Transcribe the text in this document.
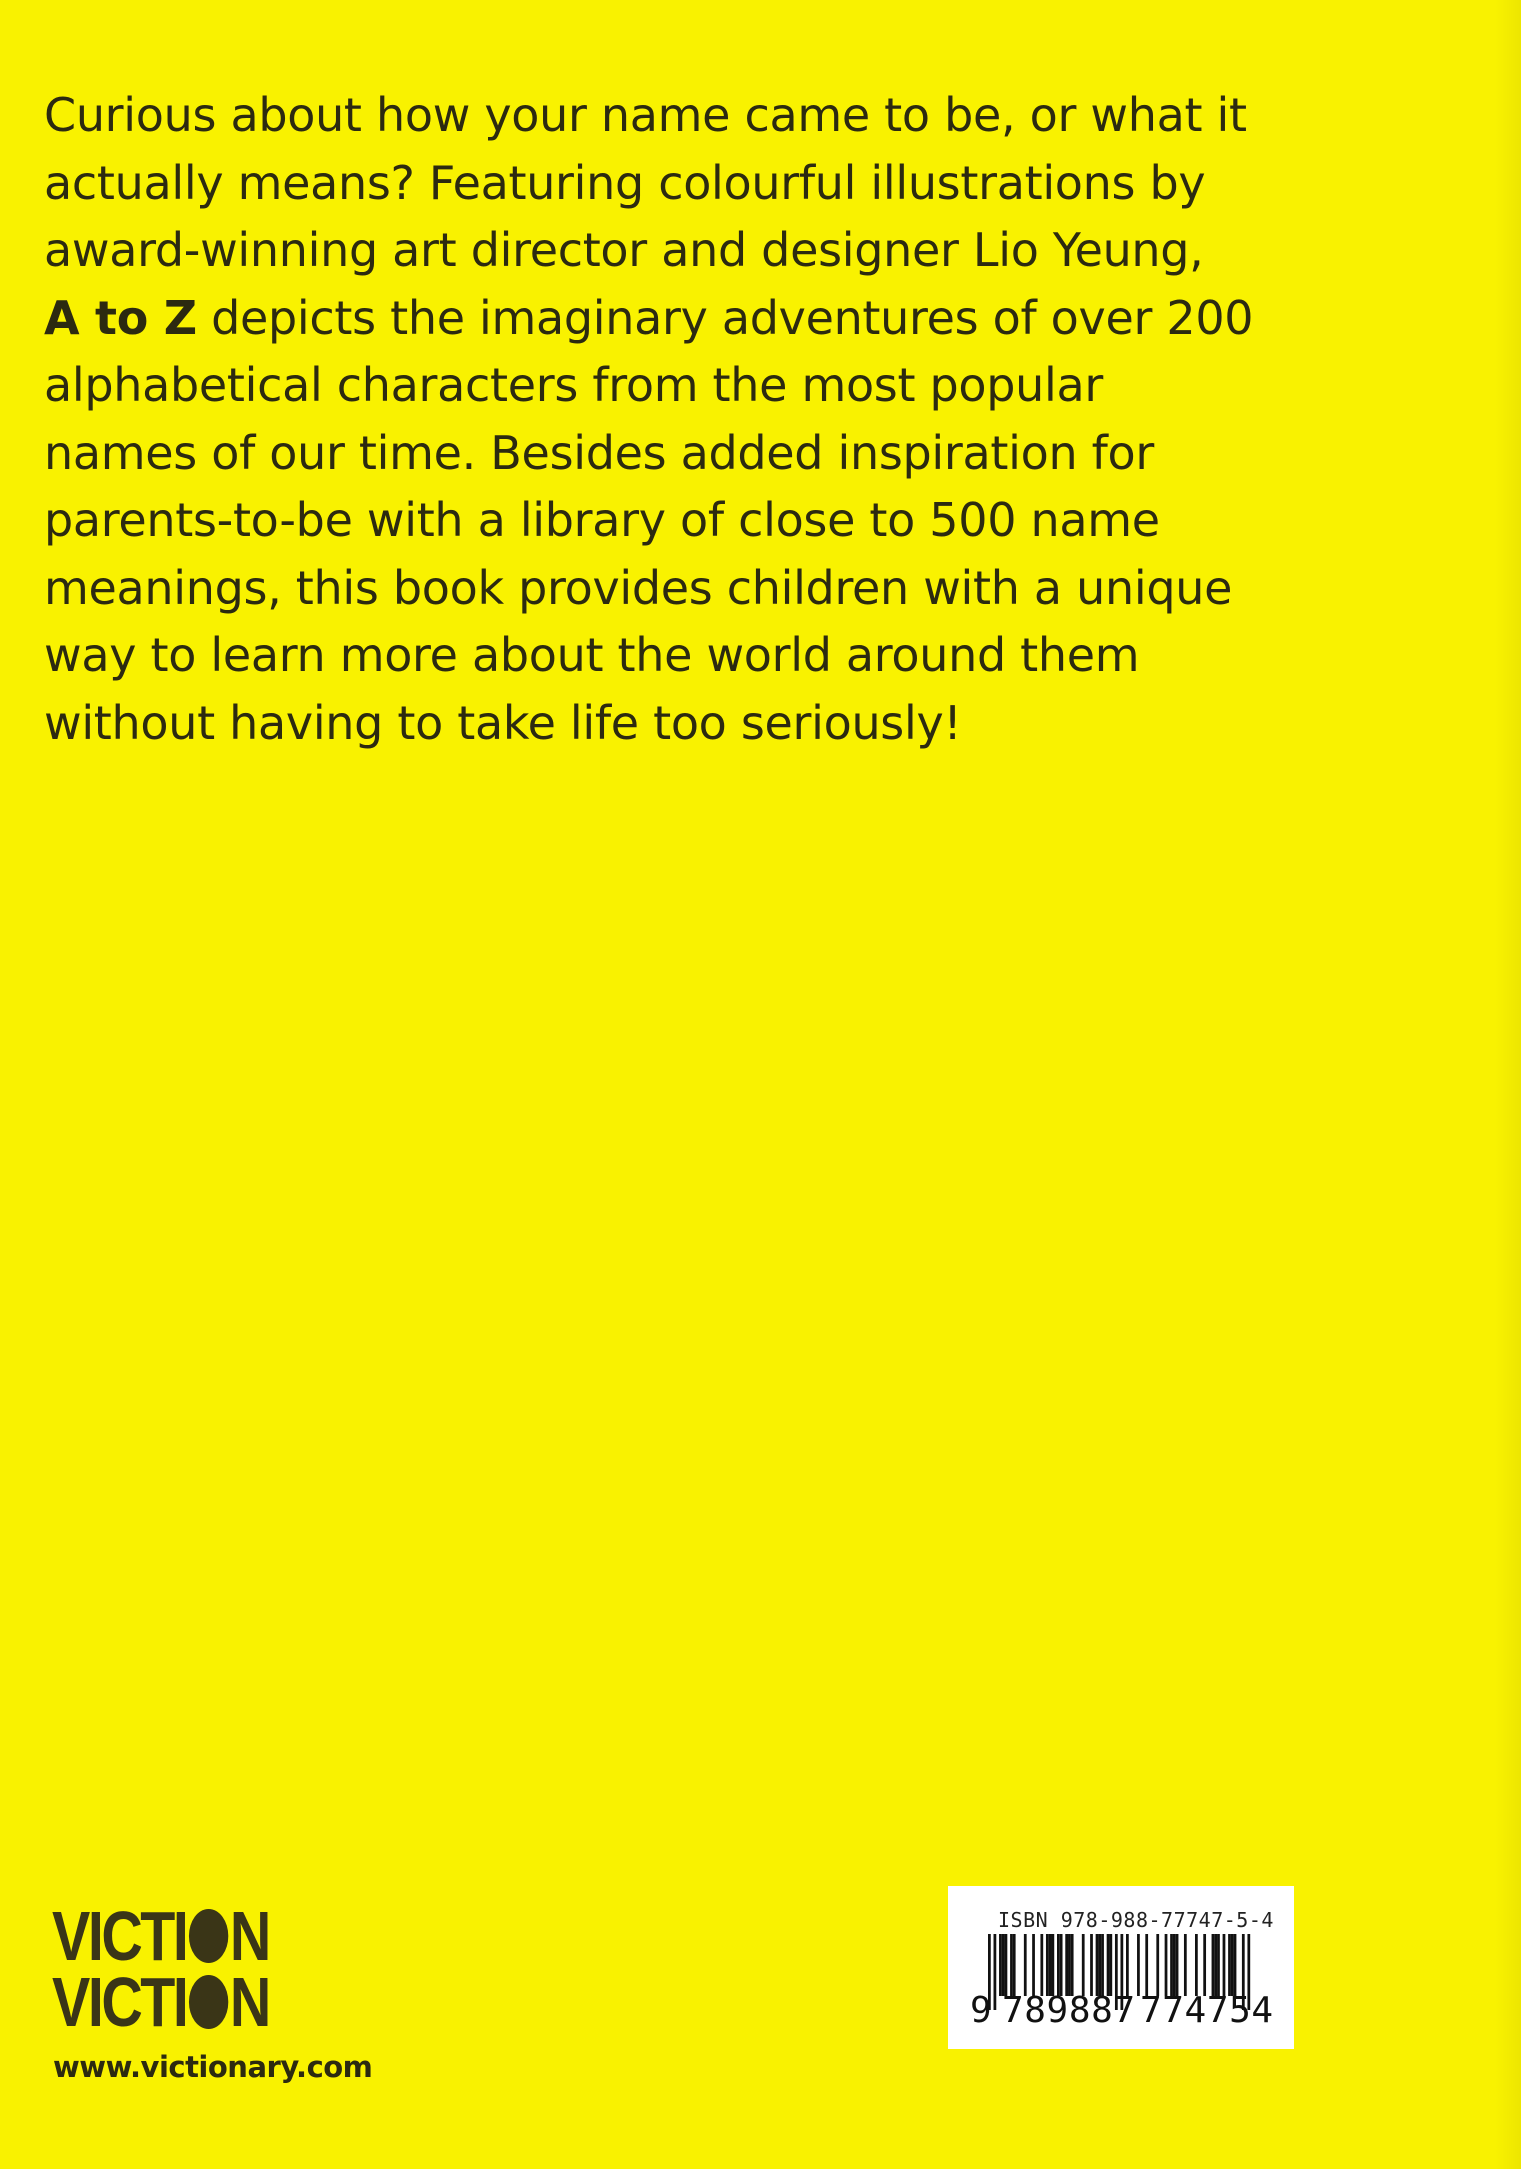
Curious about how your name came to be, or what it
actually means? Featuring colourful illustrations by
award-winning art director and designer Lio Yeung,
A to Z depicts the imaginary adventures of over 200
alphabetical characters from the most popular
names of our time. Besides added inspiration for
parents-to-be with a library of close to 500 name
meanings, this book provides children with a unique
way to learn more about the world around them
without having to take life too seriously!

VICTI N
VICTI N
www.victionary.com
ISBN 978-988-77747-5-4
9 789887 774754
